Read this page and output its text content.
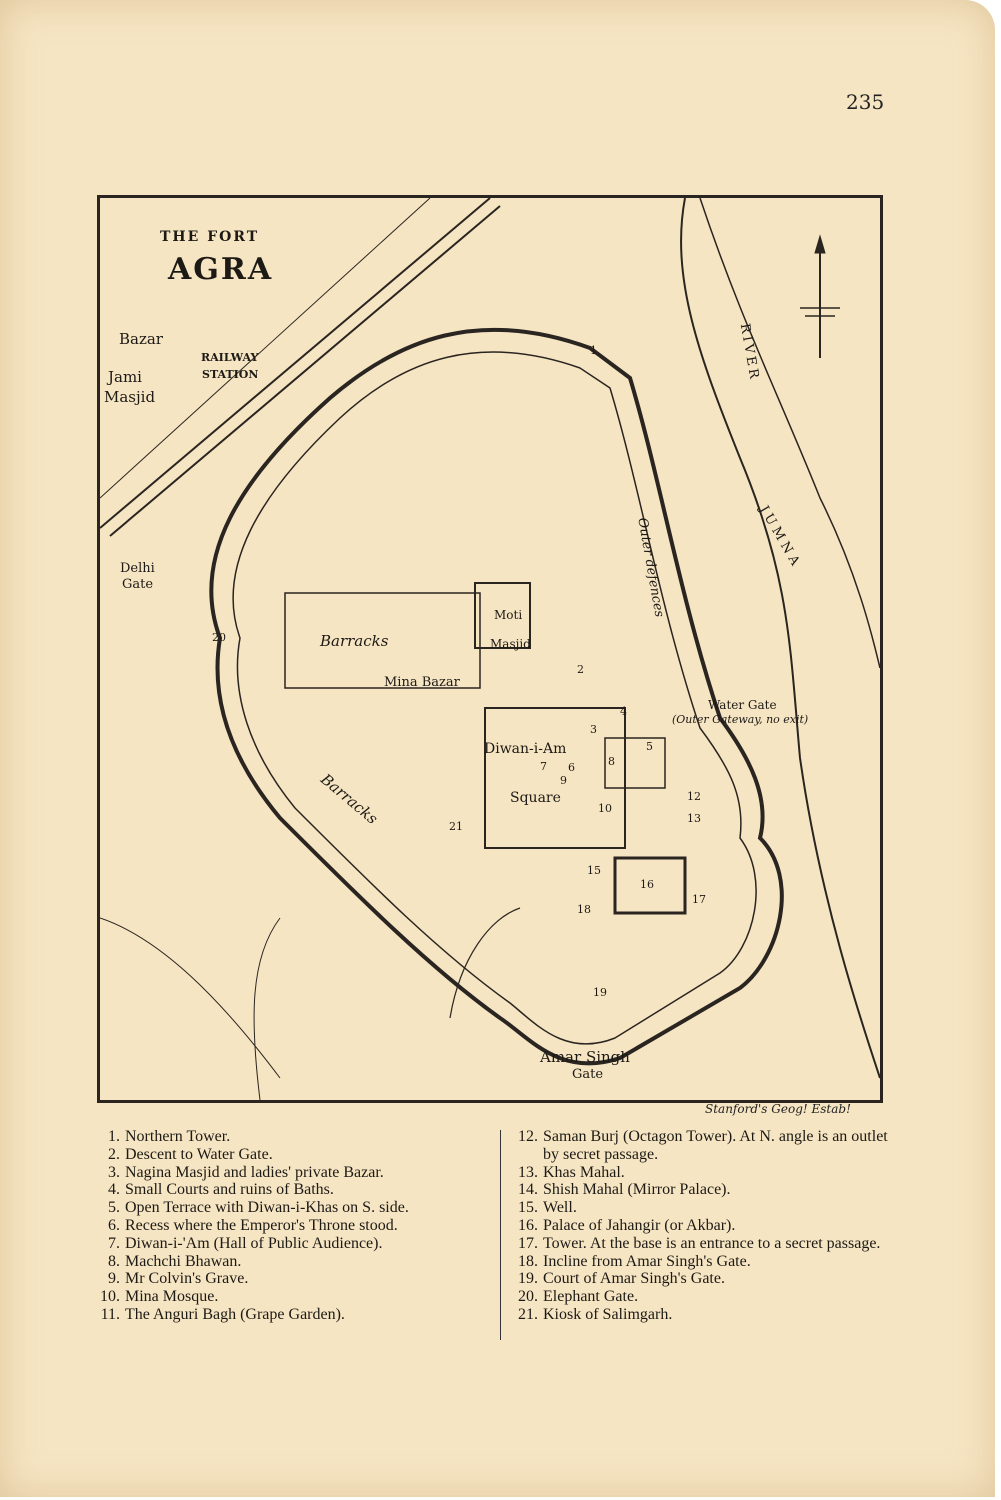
235
THE FORT
AGRA
Bazar
Jami
Masjid
RAILWAY
STATION
Delhi
Gate
Barracks
Barracks
Moti
Masjid
Mina Bazar
Diwan-i-Am
Square
Water Gate
(Outer Gateway, no exit)
Outer defences
RIVER
JUMNA
Amar Singh
Gate
1
2
3
4
5
6
7	8
9
10
12
13
15
16
17
18
19
20
21
Stanford's Geog! Estab!
1. Northern Tower.
2. Descent to Water Gate.
3. Nagina Masjid and ladies' private Bazar.
4. Small Courts and ruins of Baths.
5. Open Terrace with Diwan-i-Khas on S. side.
6. Recess where the Emperor's Throne stood.
7. Diwan-i-'Am (Hall of Public Audience).
8. Machchi Bhawan.
9. Mr Colvin's Grave.
10. Mina Mosque.
11. The Anguri Bagh (Grape Garden).
12. Saman Burj (Octagon Tower). At N. angle is an outlet by secret passage.
13. Khas Mahal.
14. Shish Mahal (Mirror Palace).
15. Well.
16. Palace of Jahangir (or Akbar).
17. Tower. At the base is an entrance to a secret passage.
18. Incline from Amar Singh's Gate.
19. Court of Amar Singh's Gate.
20. Elephant Gate.
21. Kiosk of Salimgarh.
